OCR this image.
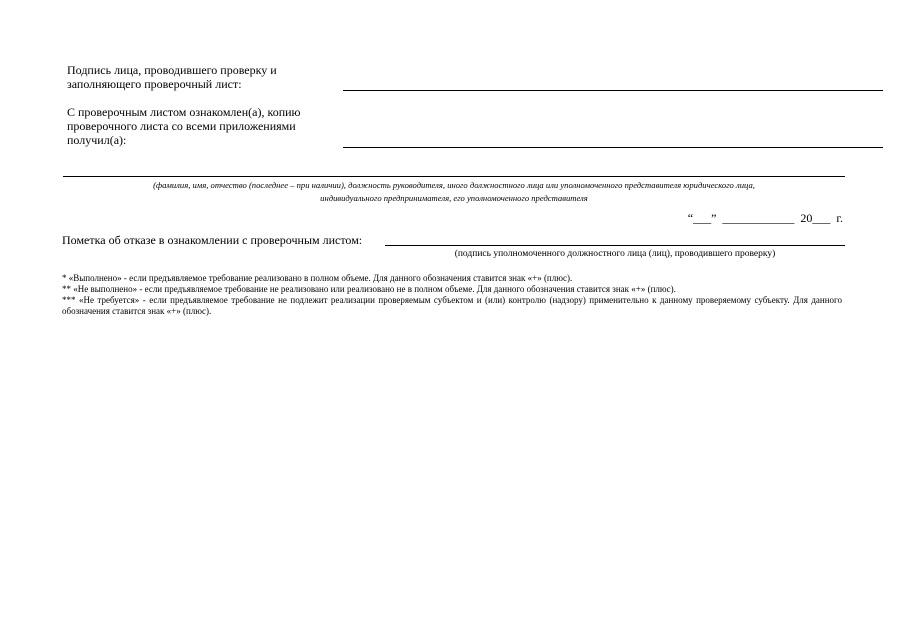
Подпись лица, проводившего проверку и
заполняющего проверочный лист:
С проверочным листом ознакомлен(а), копию
проверочного листа со всеми приложениями
получил(а):
(фамилия, имя, отчество (последнее – при наличии), должность руководителя, иного должностного лица или уполномоченного представителя юридического лица,
индивидуального предпринимателя, его уполномоченного представителя
“___”  ____________  20___  г.
Пометка об отказе в ознакомлении с проверочным листом:
(подпись уполномоченного должностного лица (лиц), проводившего проверку)
* «Выполнено» - если предъявляемое требование реализовано в полном объеме. Для данного обозначения ставится знак «+» (плюс).
** «Не выполнено» - если предъявляемое требование не реализовано или реализовано не в полном объеме. Для данного обозначения ставится знак «+» (плюс).
*** «Не требуется» - если предъявляемое требование не подлежит реализации проверяемым субъектом и (или) контролю (надзору) применительно к данному проверяемому субъекту. Для данного обозначения ставится знак «+» (плюс).
